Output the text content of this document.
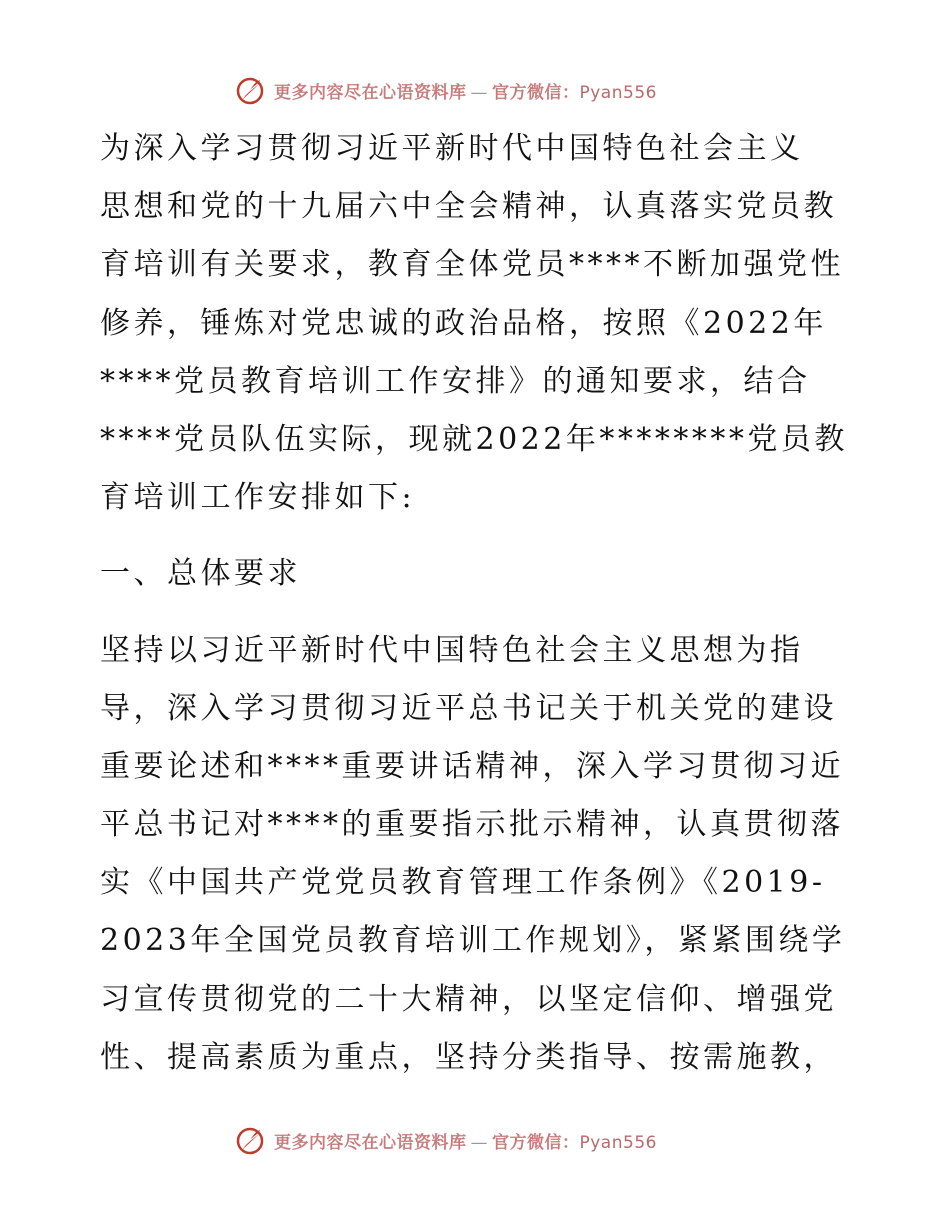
更多内容尽在心语资料库 — 官方微信：Pyan556
为深入学习贯彻习近平新时代中国特色社会主义
思想和党的十九届六中全会精神，认真落实党员教
育培训有关要求，教育全体党员****不断加强党性
修养，锤炼对党忠诚的政治品格，按照《2022年
****党员教育培训工作安排》的通知要求，结合
****党员队伍实际，现就2022年********党员教
育培训工作安排如下:
一、总体要求
坚持以习近平新时代中国特色社会主义思想为指
导，深入学习贯彻习近平总书记关于机关党的建设
重要论述和****重要讲话精神，深入学习贯彻习近
平总书记对****的重要指示批示精神，认真贯彻落
实《中国共产党党员教育管理工作条例》《2019-
2023年全国党员教育培训工作规划》，紧紧围绕学
习宣传贯彻党的二十大精神，以坚定信仰、增强党
性、提高素质为重点，坚持分类指导、按需施教，
更多内容尽在心语资料库 — 官方微信：Pyan556
